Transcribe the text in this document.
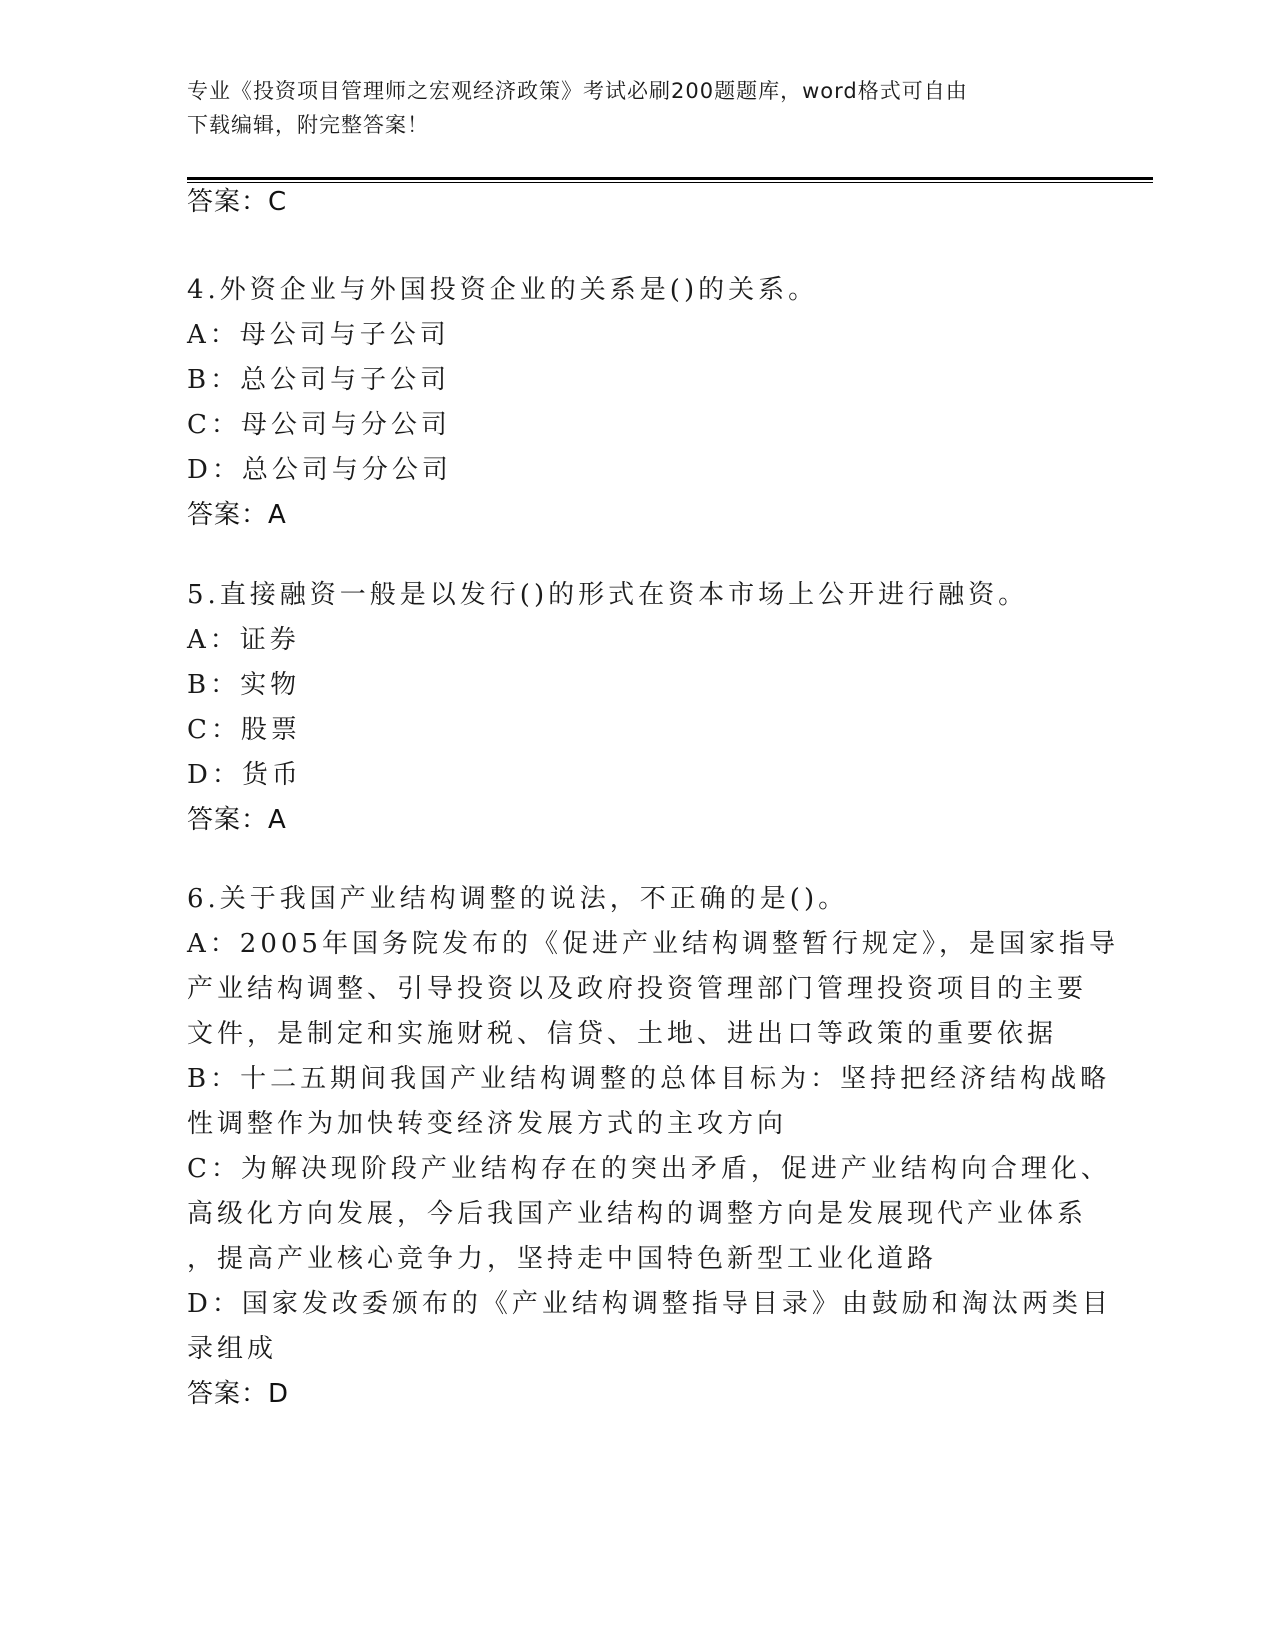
专业《投资项目管理师之宏观经济政策》考试必刷200题题库，word格式可自由
下载编辑，附完整答案！
答案：C
4.外资企业与外国投资企业的关系是()的关系。
A：母公司与子公司
B：总公司与子公司
C：母公司与分公司
D：总公司与分公司
答案：A
5.直接融资一般是以发行()的形式在资本市场上公开进行融资。
A：证券
B：实物
C：股票
D：货币
答案：A
6.关于我国产业结构调整的说法，不正确的是()。
A：2005年国务院发布的《促进产业结构调整暂行规定》，是国家指导
产业结构调整、引导投资以及政府投资管理部门管理投资项目的主要
文件，是制定和实施财税、信贷、土地、进出口等政策的重要依据
B：十二五期间我国产业结构调整的总体目标为：坚持把经济结构战略
性调整作为加快转变经济发展方式的主攻方向
C：为解决现阶段产业结构存在的突出矛盾，促进产业结构向合理化、
高级化方向发展，今后我国产业结构的调整方向是发展现代产业体系
，提高产业核心竞争力，坚持走中国特色新型工业化道路
D：国家发改委颁布的《产业结构调整指导目录》由鼓励和淘汰两类目
录组成
答案：D
